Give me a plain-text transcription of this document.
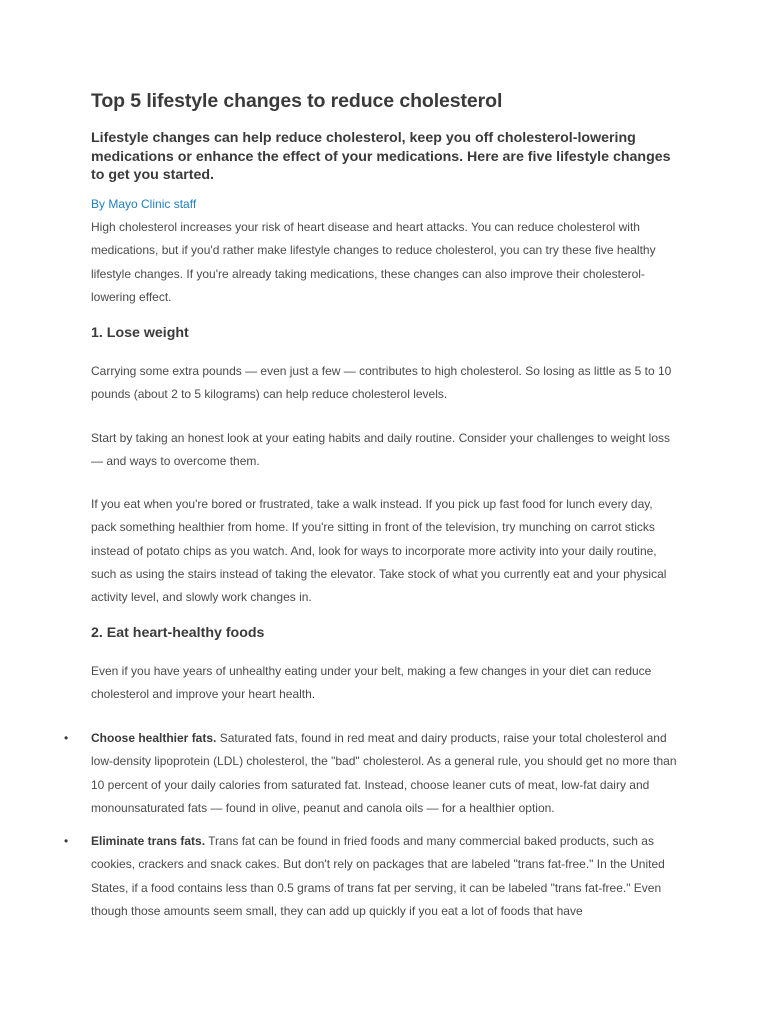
Top 5 lifestyle changes to reduce cholesterol

Lifestyle changes can help reduce cholesterol, keep you off cholesterol-lowering medications or enhance the effect of your medications. Here are five lifestyle changes to get you started.

By Mayo Clinic staff

High cholesterol increases your risk of heart disease and heart attacks. You can reduce cholesterol with medications, but if you'd rather make lifestyle changes to reduce cholesterol, you can try these five healthy lifestyle changes. If you're already taking medications, these changes can also improve their cholesterol-lowering effect.

1. Lose weight

Carrying some extra pounds — even just a few — contributes to high cholesterol. So losing as little as 5 to 10 pounds (about 2 to 5 kilograms) can help reduce cholesterol levels.

Start by taking an honest look at your eating habits and daily routine. Consider your challenges to weight loss — and ways to overcome them.

If you eat when you're bored or frustrated, take a walk instead. If you pick up fast food for lunch every day, pack something healthier from home. If you're sitting in front of the television, try munching on carrot sticks instead of potato chips as you watch. And, look for ways to incorporate more activity into your daily routine, such as using the stairs instead of taking the elevator. Take stock of what you currently eat and your physical activity level, and slowly work changes in.

2. Eat heart-healthy foods

Even if you have years of unhealthy eating under your belt, making a few changes in your diet can reduce cholesterol and improve your heart health.

•	Choose healthier fats. Saturated fats, found in red meat and dairy products, raise your total cholesterol and low-density lipoprotein (LDL) cholesterol, the "bad" cholesterol. As a general rule, you should get no more than 10 percent of your daily calories from saturated fat. Instead, choose leaner cuts of meat, low-fat dairy and monounsaturated fats — found in olive, peanut and canola oils — for a healthier option.
•	Eliminate trans fats. Trans fat can be found in fried foods and many commercial baked products, such as cookies, crackers and snack cakes. But don't rely on packages that are labeled "trans fat-free." In the United States, if a food contains less than 0.5 grams of trans fat per serving, it can be labeled "trans fat-free." Even though those amounts seem small, they can add up quickly if you eat a lot of foods that have
